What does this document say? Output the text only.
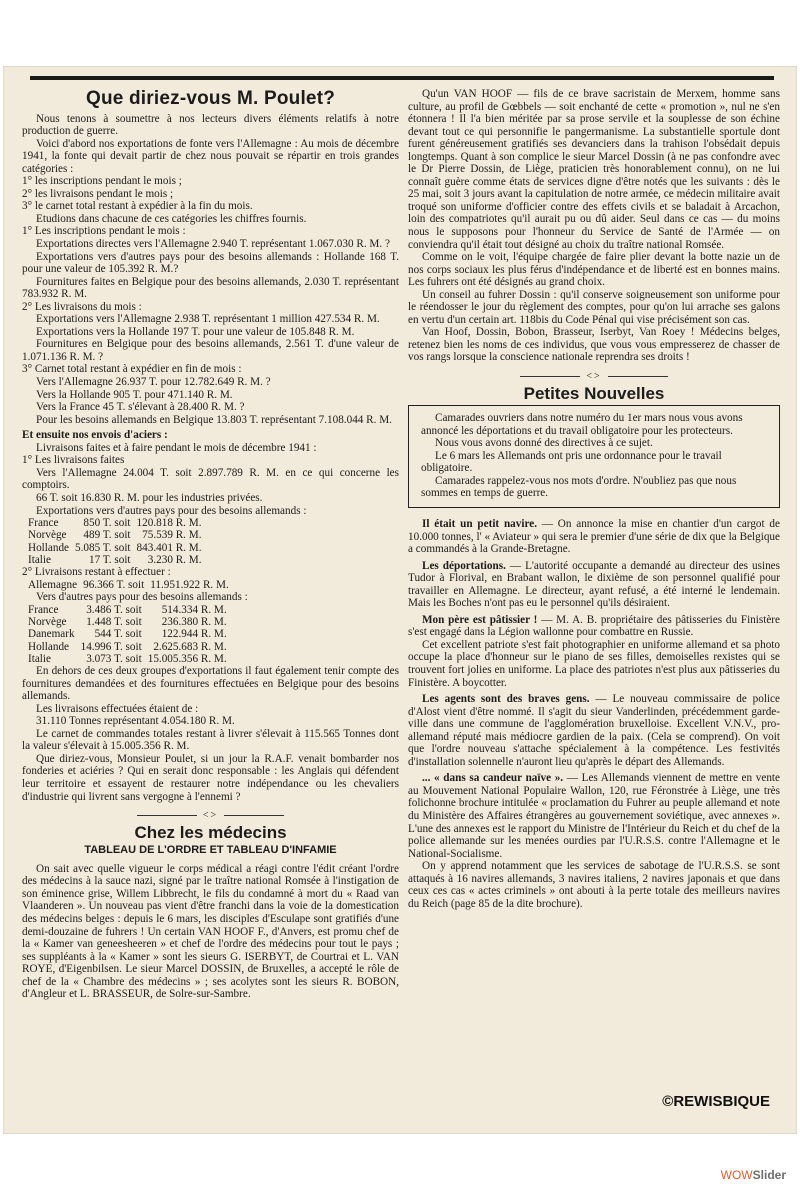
Que diriez-vous M. Poulet?

Nous tenons à soumettre à nos lecteurs divers éléments relatifs à notre production de guerre.

Voici d'abord nos exportations de fonte vers l'Allemagne : Au mois de décembre 1941, la fonte qui devait partir de chez nous pouvait se répartir en trois grandes catégories :

1° les inscriptions pendant le mois ;

2° les livraisons pendant le mois ;

3° le carnet total restant à expédier à la fin du mois.

Etudions dans chacune de ces catégories les chiffres fournis.

1° Les inscriptions pendant le mois :

Exportations directes vers l'Allemagne 2.940 T. représentant 1.067.030 R. M. ?

Exportations vers d'autres pays pour des besoins allemands : Hollande 168 T. pour une valeur de 105.392 R. M.?

Fournitures faites en Belgique pour des besoins allemands, 2.030 T. représentant 783.932 R. M.

2° Les livraisons du mois :

Exportations vers l'Allemagne 2.938 T. représentant 1 million 427.534 R. M.

Exportations vers la Hollande 197 T. pour une valeur de 105.848 R. M.

Fournitures en Belgique pour des besoins allemands, 2.561 T. d'une valeur de 1.071.136 R. M. ?

3° Carnet total restant à expédier en fin de mois :

Vers l'Allemagne 26.937 T. pour 12.782.649 R. M. ?

Vers la Hollande 905 T. pour 471.140 R. M.

Vers la France 45 T. s'élevant à 28.400 R. M. ?

Pour les besoins allemands en Belgique 13.803 T. représentant 7.108.044 R. M.

Et ensuite nos envois d'aciers :

Livraisons faites et à faire pendant le mois de décembre 1941 :

1° Les livraisons faites

Vers l'Allemagne 24.004 T. soit 2.897.789 R. M. en ce qui concerne les comptoirs.

66 T. soit 16.830 R. M. pour les industries privées.

Exportations vers d'autres pays pour des besoins allemands :

France	850 T. soit	120.818 R. M.
Norvège	489 T. soit	75.539 R. M.
Hollande	5.085 T. soit	843.401 R. M.
Italie	17 T. soit	3.230 R. M.

2° Livraisons restant à effectuer :

Allemagne	96.366 T. soit	11.951.922 R. M.

Vers d'autres pays pour des besoins allemands :

France	3.486 T. soit	514.334 R. M.
Norvège	1.448 T. soit	236.380 R. M.
Danemark	544 T. soit	122.944 R. M.
Hollande	14.996 T. soit	2.625.683 R. M.
Italie	3.073 T. soit	15.005.356 R. M.

En dehors de ces deux groupes d'exportations il faut également tenir compte des fournitures demandées et des fournitures effectuées en Belgique pour des besoins allemands.

Les livraisons effectuées étaient de :

31.110 Tonnes représentant 4.054.180 R. M.

Le carnet de commandes totales restant à livrer s'élevait à 115.565 Tonnes dont la valeur s'élevait à 15.005.356 R. M.

Que diriez-vous, Monsieur Poulet, si un jour la R.A.F. venait bombarder nos fonderies et aciéries ? Qui en serait donc responsable : les Anglais qui défendent leur territoire et essayent de restaurer notre indépendance ou les chevaliers d'industrie qui livrent sans vergogne à l'ennemi ?

<>
Chez les médecins
TABLEAU DE L'ORDRE ET TABLEAU D'INFAMIE

On sait avec quelle vigueur le corps médical a réagi contre l'édit créant l'ordre des médecins à la sauce nazi, signé par le traître national Romsée à l'instigation de son éminence grise, Willem Libbrecht, le fils du condamné à mort du « Raad van Vlaanderen ». Un nouveau pas vient d'être franchi dans la voie de la domestication des médecins belges : depuis le 6 mars, les disciples d'Esculape sont gratifiés d'une demi-douzaine de fuhrers ! Un certain VAN HOOF F., d'Anvers, est promu chef de la « Kamer van geneesheeren » et chef de l'ordre des médecins pour tout le pays ; ses suppléants à la « Kamer » sont les sieurs G. ISERBYT, de Courtrai et L. VAN ROYE, d'Eigenbilsen. Le sieur Marcel DOSSIN, de Bruxelles, a accepté le rôle de chef de la « Chambre des médecins » ; ses acolytes sont les sieurs R. BOBON, d'Angleur et L. BRASSEUR, de Solre-sur-Sambre.

Qu'un VAN HOOF — fils de ce brave sacristain de Merxem, homme sans culture, au profil de Gœbbels — soit enchanté de cette « promotion », nul ne s'en étonnera ! Il l'a bien méritée par sa prose servile et la souplesse de son échine devant tout ce qui personnifie le pangermanisme. La substantielle sportule dont furent généreusement gratifiés ses devanciers dans la trahison l'obsédait depuis longtemps. Quant à son complice le sieur Marcel Dossin (à ne pas confondre avec le Dr Pierre Dossin, de Liège, praticien très honorablement connu), on ne lui connaît guère comme états de services digne d'être notés que les suivants : dès le 25 mai, soit 3 jours avant la capitulation de notre armée, ce médecin militaire avait troqué son uniforme d'officier contre des effets civils et se baladait à Arcachon, loin des compatriotes qu'il aurait pu ou dû aider. Seul dans ce cas — du moins nous le supposons pour l'honneur du Service de Santé de l'Armée — on conviendra qu'il était tout désigné au choix du traître national Romsée.

Comme on le voit, l'équipe chargée de faire plier devant la botte nazie un de nos corps sociaux les plus férus d'indépendance et de liberté est en bonnes mains. Les fuhrers ont été désignés au grand choix.

Un conseil au fuhrer Dossin : qu'il conserve soigneusement son uniforme pour le réendosser le jour du règlement des comptes, pour qu'on lui arrache ses galons en vertu d'un certain art. 118bis du Code Pénal qui vise précisément son cas.

Van Hoof, Dossin, Bobon, Brasseur, Iserbyt, Van Roey ! Médecins belges, retenez bien les noms de ces individus, que vous vous empresserez de chasser de vos rangs lorsque la conscience nationale reprendra ses droits !

<>
Petites Nouvelles

Camarades ouvriers dans notre numéro du 1er mars nous vous avons annoncé les déportations et du travail obligatoire pour les protecteurs.

Nous vous avons donné des directives à ce sujet.

Le 6 mars les Allemands ont pris une ordonnance pour le travail obligatoire.

Camarades rappelez-vous nos mots d'ordre. N'oubliez pas que nous sommes en temps de guerre.

Il était un petit navire. — On annonce la mise en chantier d'un cargot de 10.000 tonnes, l' « Aviateur » qui sera le premier d'une série de dix que la Belgique a commandés à la Grande-Bretagne.

Les déportations. — L'autorité occupante a demandé au directeur des usines Tudor à Florival, en Brabant wallon, le dixième de son personnel qualifié pour travailler en Allemagne. Le directeur, ayant refusé, a été interné le lendemain. Mais les Boches n'ont pas eu le personnel qu'ils désiraient.

Mon père est pâtissier ! — M. A. B. propriétaire des pâtisseries du Finistère s'est engagé dans la Légion wallonne pour combattre en Russie.

Cet excellent patriote s'est fait photographier en uniforme allemand et sa photo occupe la place d'honneur sur le piano de ses filles, demoiselles rexistes qui se trouvent fort jolies en uniforme. La place des patriotes n'est plus aux pâtisseries du Finistère. A boycotter.

Les agents sont des braves gens. — Le nouveau commissaire de police d'Alost vient d'être nommé. Il s'agit du sieur Vanderlinden, précédemment garde-ville dans une commune de l'agglomération bruxelloise. Excellent V.N.V., pro-allemand réputé mais médiocre gardien de la paix. (Cela se comprend). On voit que l'ordre nouveau s'attache spécialement à la compétence. Les festivités d'installation solennelle n'auront lieu qu'après le départ des Allemands.

... « dans sa candeur naïve ». — Les Allemands viennent de mettre en vente au Mouvement National Populaire Wallon, 120, rue Féronstrée à Liège, une très folichonne brochure intitulée « proclamation du Fuhrer au peuple allemand et note du Ministère des Affaires étrangères au gouvernement soviétique, avec annexes ». L'une des annexes est le rapport du Ministre de l'Intérieur du Reich et du chef de la police allemande sur les menées ourdies par l'U.R.S.S. contre l'Allemagne et le National-Socialisme.

On y apprend notamment que les services de sabotage de l'U.R.S.S. se sont attaqués à 16 navires allemands, 3 navires italiens, 2 navires japonais et que dans ceux ces cas « actes criminels » ont abouti à la perte totale des meilleurs navires du Reich (page 85 de la dite brochure).

©REWISBIQUE
WOWSlider
